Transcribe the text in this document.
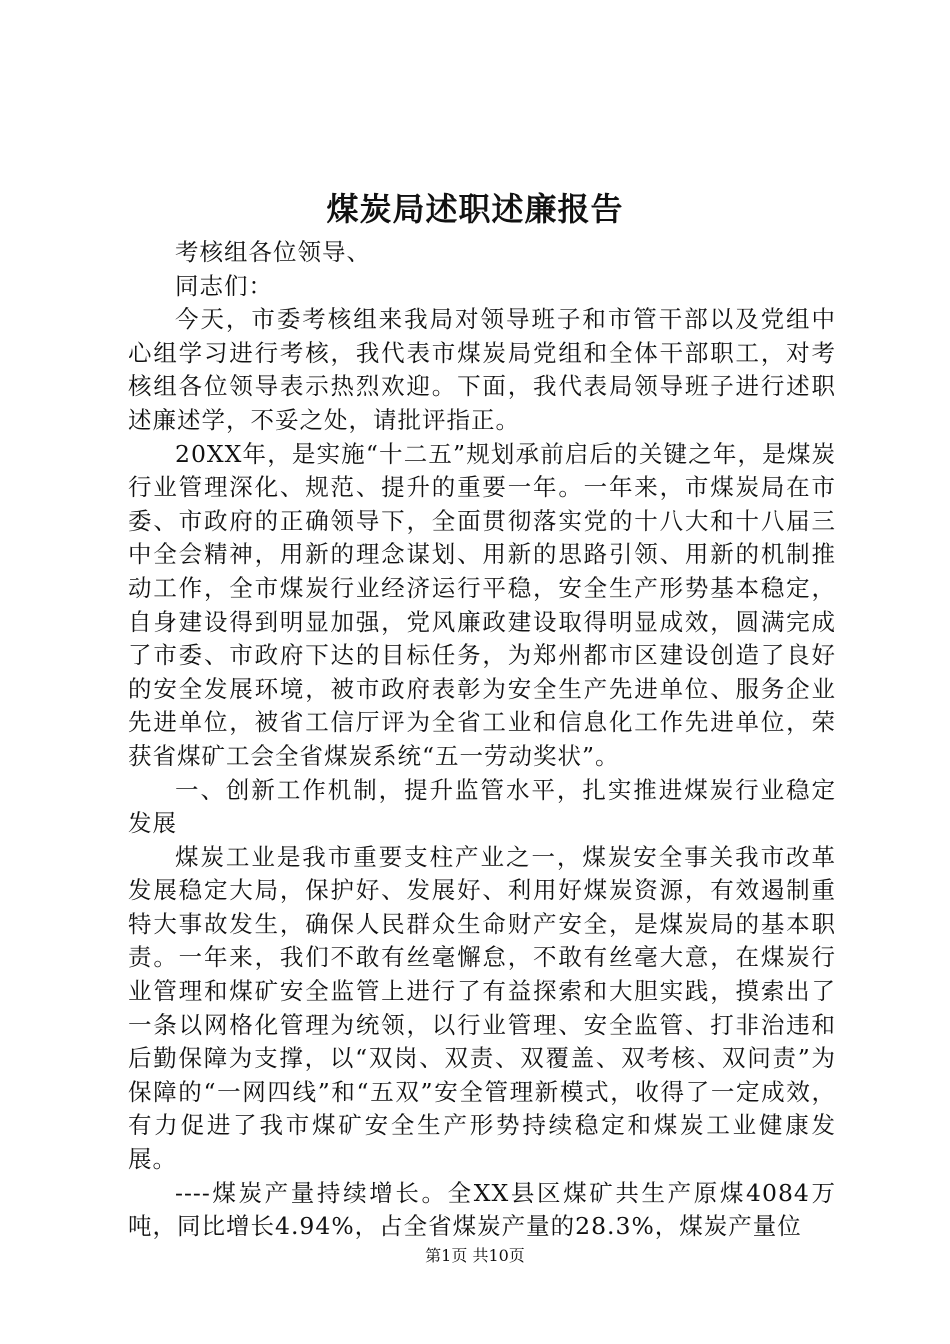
煤炭局述职述廉报告

考核组各位领导、

同志们：

今天，市委考核组来我局对领导班子和市管干部以及党组中心组学习进行考核，我代表市煤炭局党组和全体干部职工，对考核组各位领导表示热烈欢迎。下面，我代表局领导班子进行述职述廉述学，不妥之处，请批评指正。

20XX年，是实施“十二五”规划承前启后的关键之年，是煤炭行业管理深化、规范、提升的重要一年。一年来，市煤炭局在市委、市政府的正确领导下，全面贯彻落实党的十八大和十八届三中全会精神，用新的理念谋划、用新的思路引领、用新的机制推动工作，全市煤炭行业经济运行平稳，安全生产形势基本稳定，自身建设得到明显加强，党风廉政建设取得明显成效，圆满完成了市委、市政府下达的目标任务，为郑州都市区建设创造了良好的安全发展环境，被市政府表彰为安全生产先进单位、服务企业先进单位，被省工信厅评为全省工业和信息化工作先进单位，荣获省煤矿工会全省煤炭系统“五一劳动奖状”。

一、创新工作机制，提升监管水平，扎实推进煤炭行业稳定发展

煤炭工业是我市重要支柱产业之一，煤炭安全事关我市改革发展稳定大局，保护好、发展好、利用好煤炭资源，有效遏制重特大事故发生，确保人民群众生命财产安全，是煤炭局的基本职责。一年来，我们不敢有丝毫懈怠，不敢有丝毫大意，在煤炭行业管理和煤矿安全监管上进行了有益探索和大胆实践，摸索出了一条以网格化管理为统领，以行业管理、安全监管、打非治违和后勤保障为支撑，以“双岗、双责、双覆盖、双考核、双问责”为保障的“一网四线”和“五双”安全管理新模式，收得了一定成效，有力促进了我市煤矿安全生产形势持续稳定和煤炭工业健康发展。

----煤炭产量持续增长。全XX县区煤矿共生产原煤4084万吨，同比增长4.94%，占全省煤炭产量的28.3%，煤炭产量位

第1页 共10页
